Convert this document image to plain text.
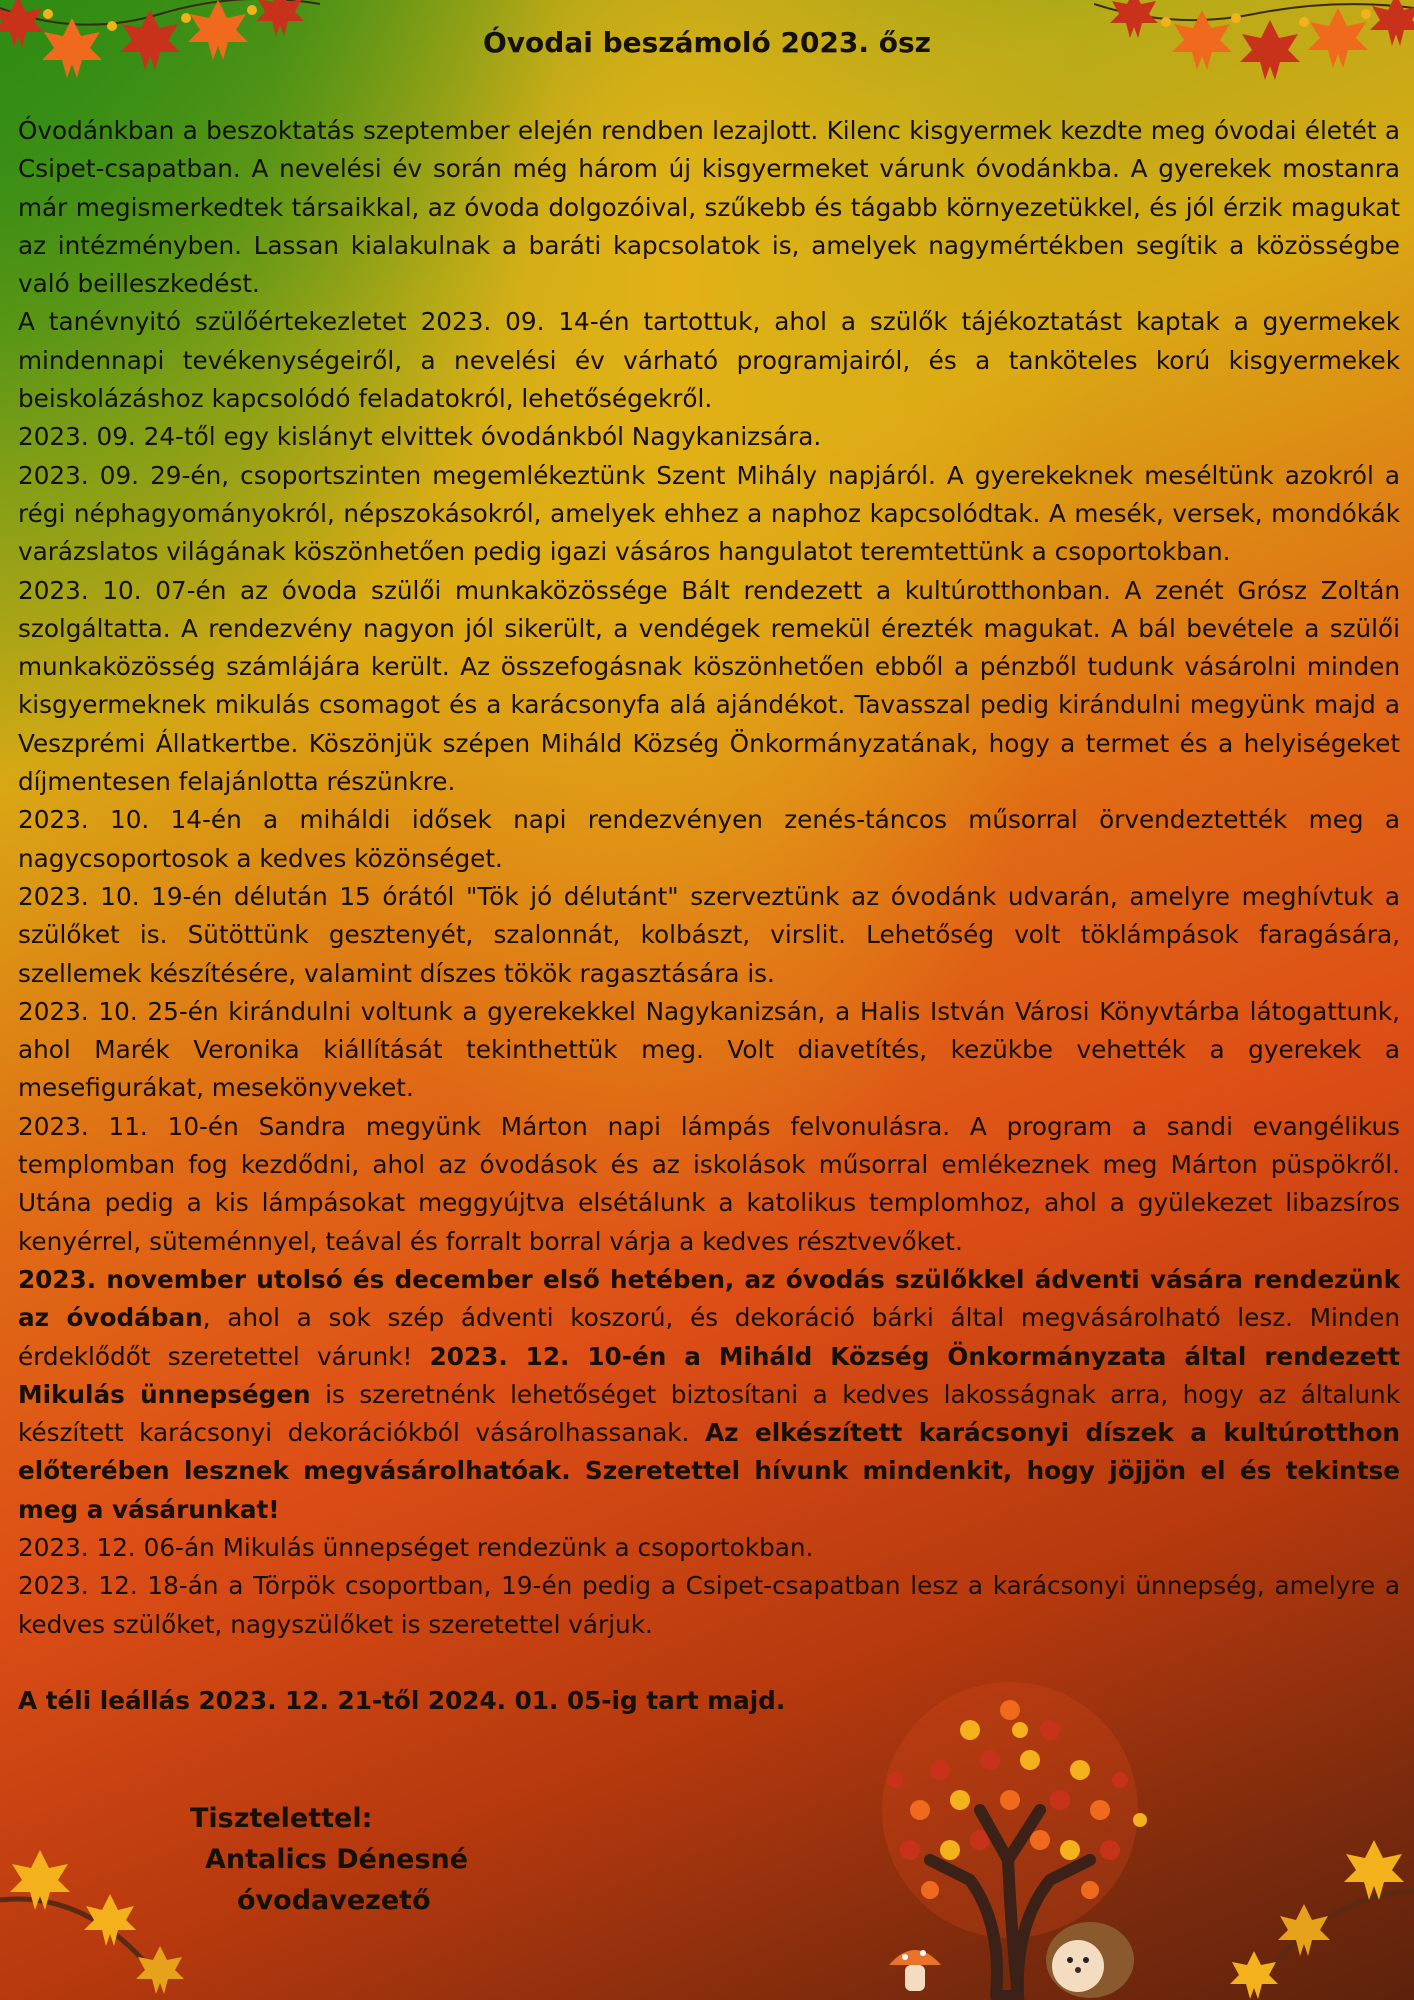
Óvodai beszámoló 2023. ősz

Óvodánkban a beszoktatás szeptember elején rendben lezajlott. Kilenc kisgyermek kezdte meg óvodai életét a Csipet-csapatban. A nevelési év során még három új kisgyermeket várunk óvodánkba. A gyerekek mostanra már megismerkedtek társaikkal, az óvoda dolgozóival, szűkebb és tágabb környezetükkel, és jól érzik magukat az intézményben. Lassan kialakulnak a baráti kapcsolatok is, amelyek nagymértékben segítik a közösségbe való beilleszkedést.

A tanévnyitó szülőértekezletet 2023. 09. 14-én tartottuk, ahol a szülők tájékoztatást kaptak a gyermekek mindennapi tevékenységeiről, a nevelési év várható programjairól, és a tanköteles korú kisgyermekek beiskolázáshoz kapcsolódó feladatokról, lehetőségekről.

2023. 09. 24-től egy kislányt elvittek óvodánkból Nagykanizsára.

2023. 09. 29-én, csoportszinten megemlékeztünk Szent Mihály napjáról. A gyerekeknek meséltünk azokról a régi néphagyományokról, népszokásokról, amelyek ehhez a naphoz kapcsolódtak. A mesék, versek, mondókák varázslatos világának köszönhetően pedig igazi vásáros hangulatot teremtettünk a csoportokban.

2023. 10. 07-én az óvoda szülői munkaközössége Bált rendezett a kultúrotthonban. A zenét Grósz Zoltán szolgáltatta. A rendezvény nagyon jól sikerült, a vendégek remekül érezték magukat. A bál bevétele a szülői munkaközösség számlájára került. Az összefogásnak köszönhetően ebből a pénzből tudunk vásárolni minden kisgyermeknek mikulás csomagot és a karácsonyfa alá ajándékot. Tavasszal pedig kirándulni megyünk majd a Veszprémi Állatkertbe. Köszönjük szépen Miháld Község Önkormányzatának, hogy a termet és a helyiségeket díjmentesen felajánlotta részünkre.

2023. 10. 14-én a miháldi idősek napi rendezvényen zenés-táncos műsorral örvendeztették meg a nagycsoportosok a kedves közönséget.

2023. 10. 19-én délután 15 órától "Tök jó délutánt" szerveztünk az óvodánk udvarán, amelyre meghívtuk a szülőket is. Sütöttünk gesztenyét, szalonnát, kolbászt, virslit. Lehetőség volt töklámpások faragására, szellemek készítésére, valamint díszes tökök ragasztására is.

2023. 10. 25-én kirándulni voltunk a gyerekekkel Nagykanizsán, a Halis István Városi Könyvtárba látogattunk, ahol Marék Veronika kiállítását tekinthettük meg. Volt diavetítés, kezükbe vehették a gyerekek a mesefigurákat, mesekönyveket.

2023. 11. 10-én Sandra megyünk Márton napi lámpás felvonulásra. A program a sandi evangélikus templomban fog kezdődni, ahol az óvodások és az iskolások műsorral emlékeznek meg Márton püspökről. Utána pedig a kis lámpásokat meggyújtva elsétálunk a katolikus templomhoz, ahol a gyülekezet libazsíros kenyérrel, süteménnyel, teával és forralt borral várja a kedves résztvevőket.

2023. november utolsó és december első hetében, az óvodás szülőkkel ádventi vására rendezünk az óvodában, ahol a sok szép ádventi koszorú, és dekoráció bárki által megvásárolható lesz. Minden érdeklődőt szeretettel várunk! 2023. 12. 10-én a Miháld Község Önkormányzata által rendezett Mikulás ünnepségen is szeretnénk lehetőséget biztosítani a kedves lakosságnak arra, hogy az általunk készített karácsonyi dekorációkból vásárolhassanak. Az elkészített karácsonyi díszek a kultúrotthon előterében lesznek megvásárolhatóak. Szeretettel hívunk mindenkit, hogy jöjjön el és tekintse meg a vásárunkat!

2023. 12. 06-án Mikulás ünnepséget rendezünk a csoportokban.

2023. 12. 18-án a Törpök csoportban, 19-én pedig a Csipet-csapatban lesz a karácsonyi ünnepség, amelyre a kedves szülőket, nagyszülőket is szeretettel várjuk.

A téli leállás 2023. 12. 21-től 2024. 01. 05-ig tart majd.

Tisztelettel:
Antalics Dénesné
óvodavezető
